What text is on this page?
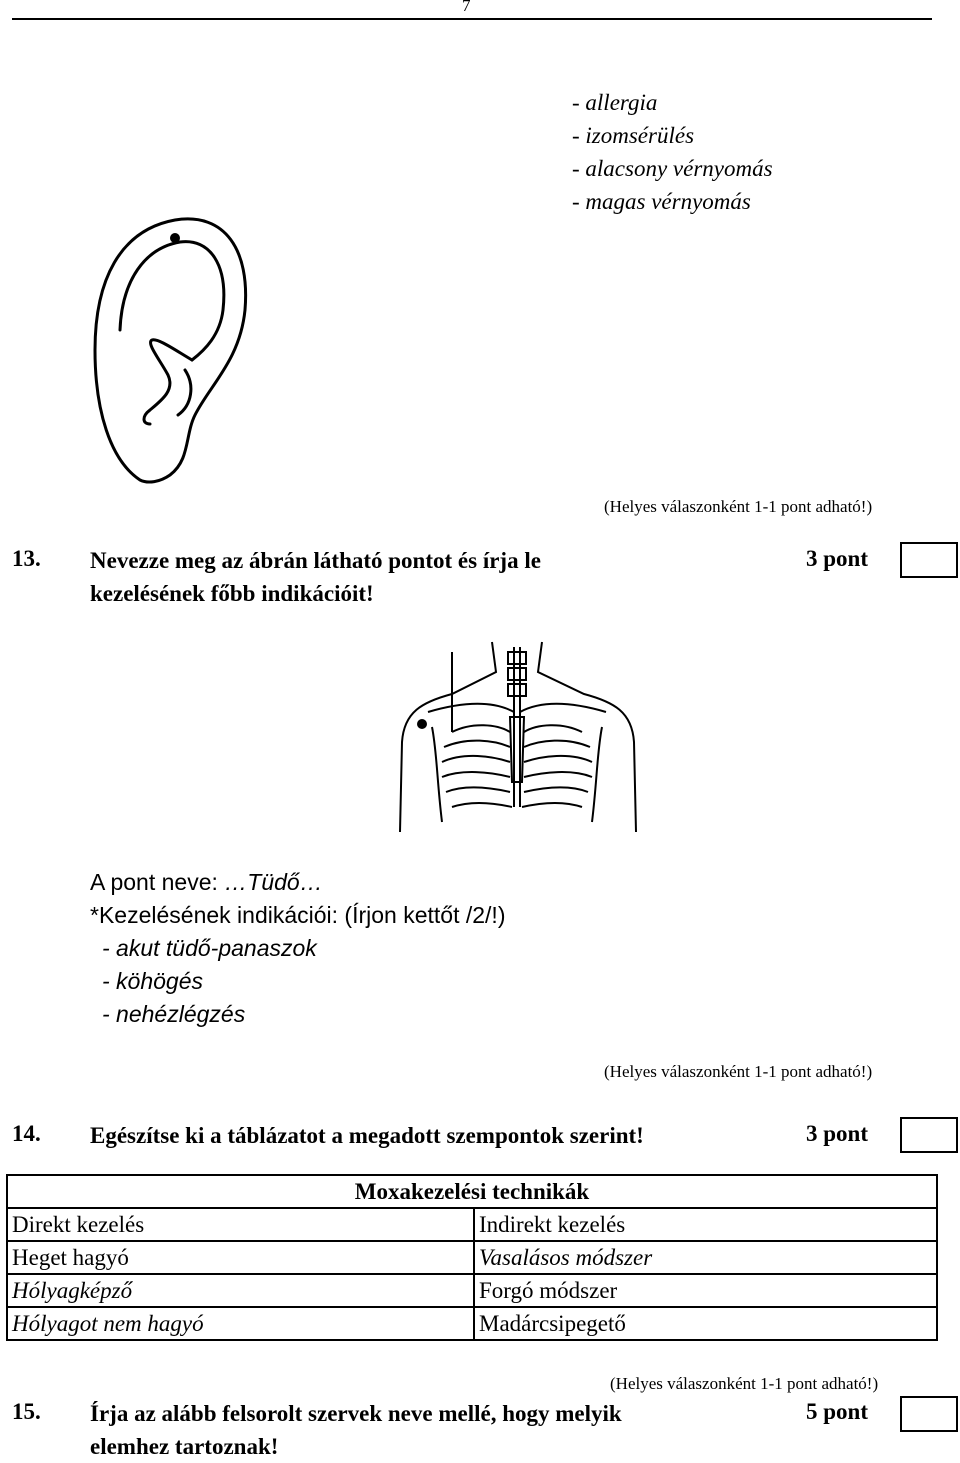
7
- allergia
- izomsérülés
- alacsony vérnyomás
- magas vérnyomás
(Helyes válaszonként 1-1 pont adható!)
13. Nevezze meg az ábrán látható pontot és írja le
kezelésének főbb indikációit!
3 pont
A pont neve: …Tüdő…
*Kezelésének indikációi: (Írjon kettőt /2/!)
- akut tüdő-panaszok
- köhögés
- nehézlégzés
(Helyes válaszonként 1-1 pont adható!)
14. Egészítse ki a táblázatot a megadott szempontok szerint!	3 pont
Moxakezelési technikák	
Direkt kezelés	Indirekt kezelés
Heget hagyó	Vasalásos módszer
Hólyagképző	Forgó módszer
Hólyagot nem hagyó	Madárcsipegető
(Helyes válaszonként 1-1 pont adható!)
15. Írja az alább felsorolt szervek neve mellé, hogy melyik
elemhez tartoznak!
5 pont
